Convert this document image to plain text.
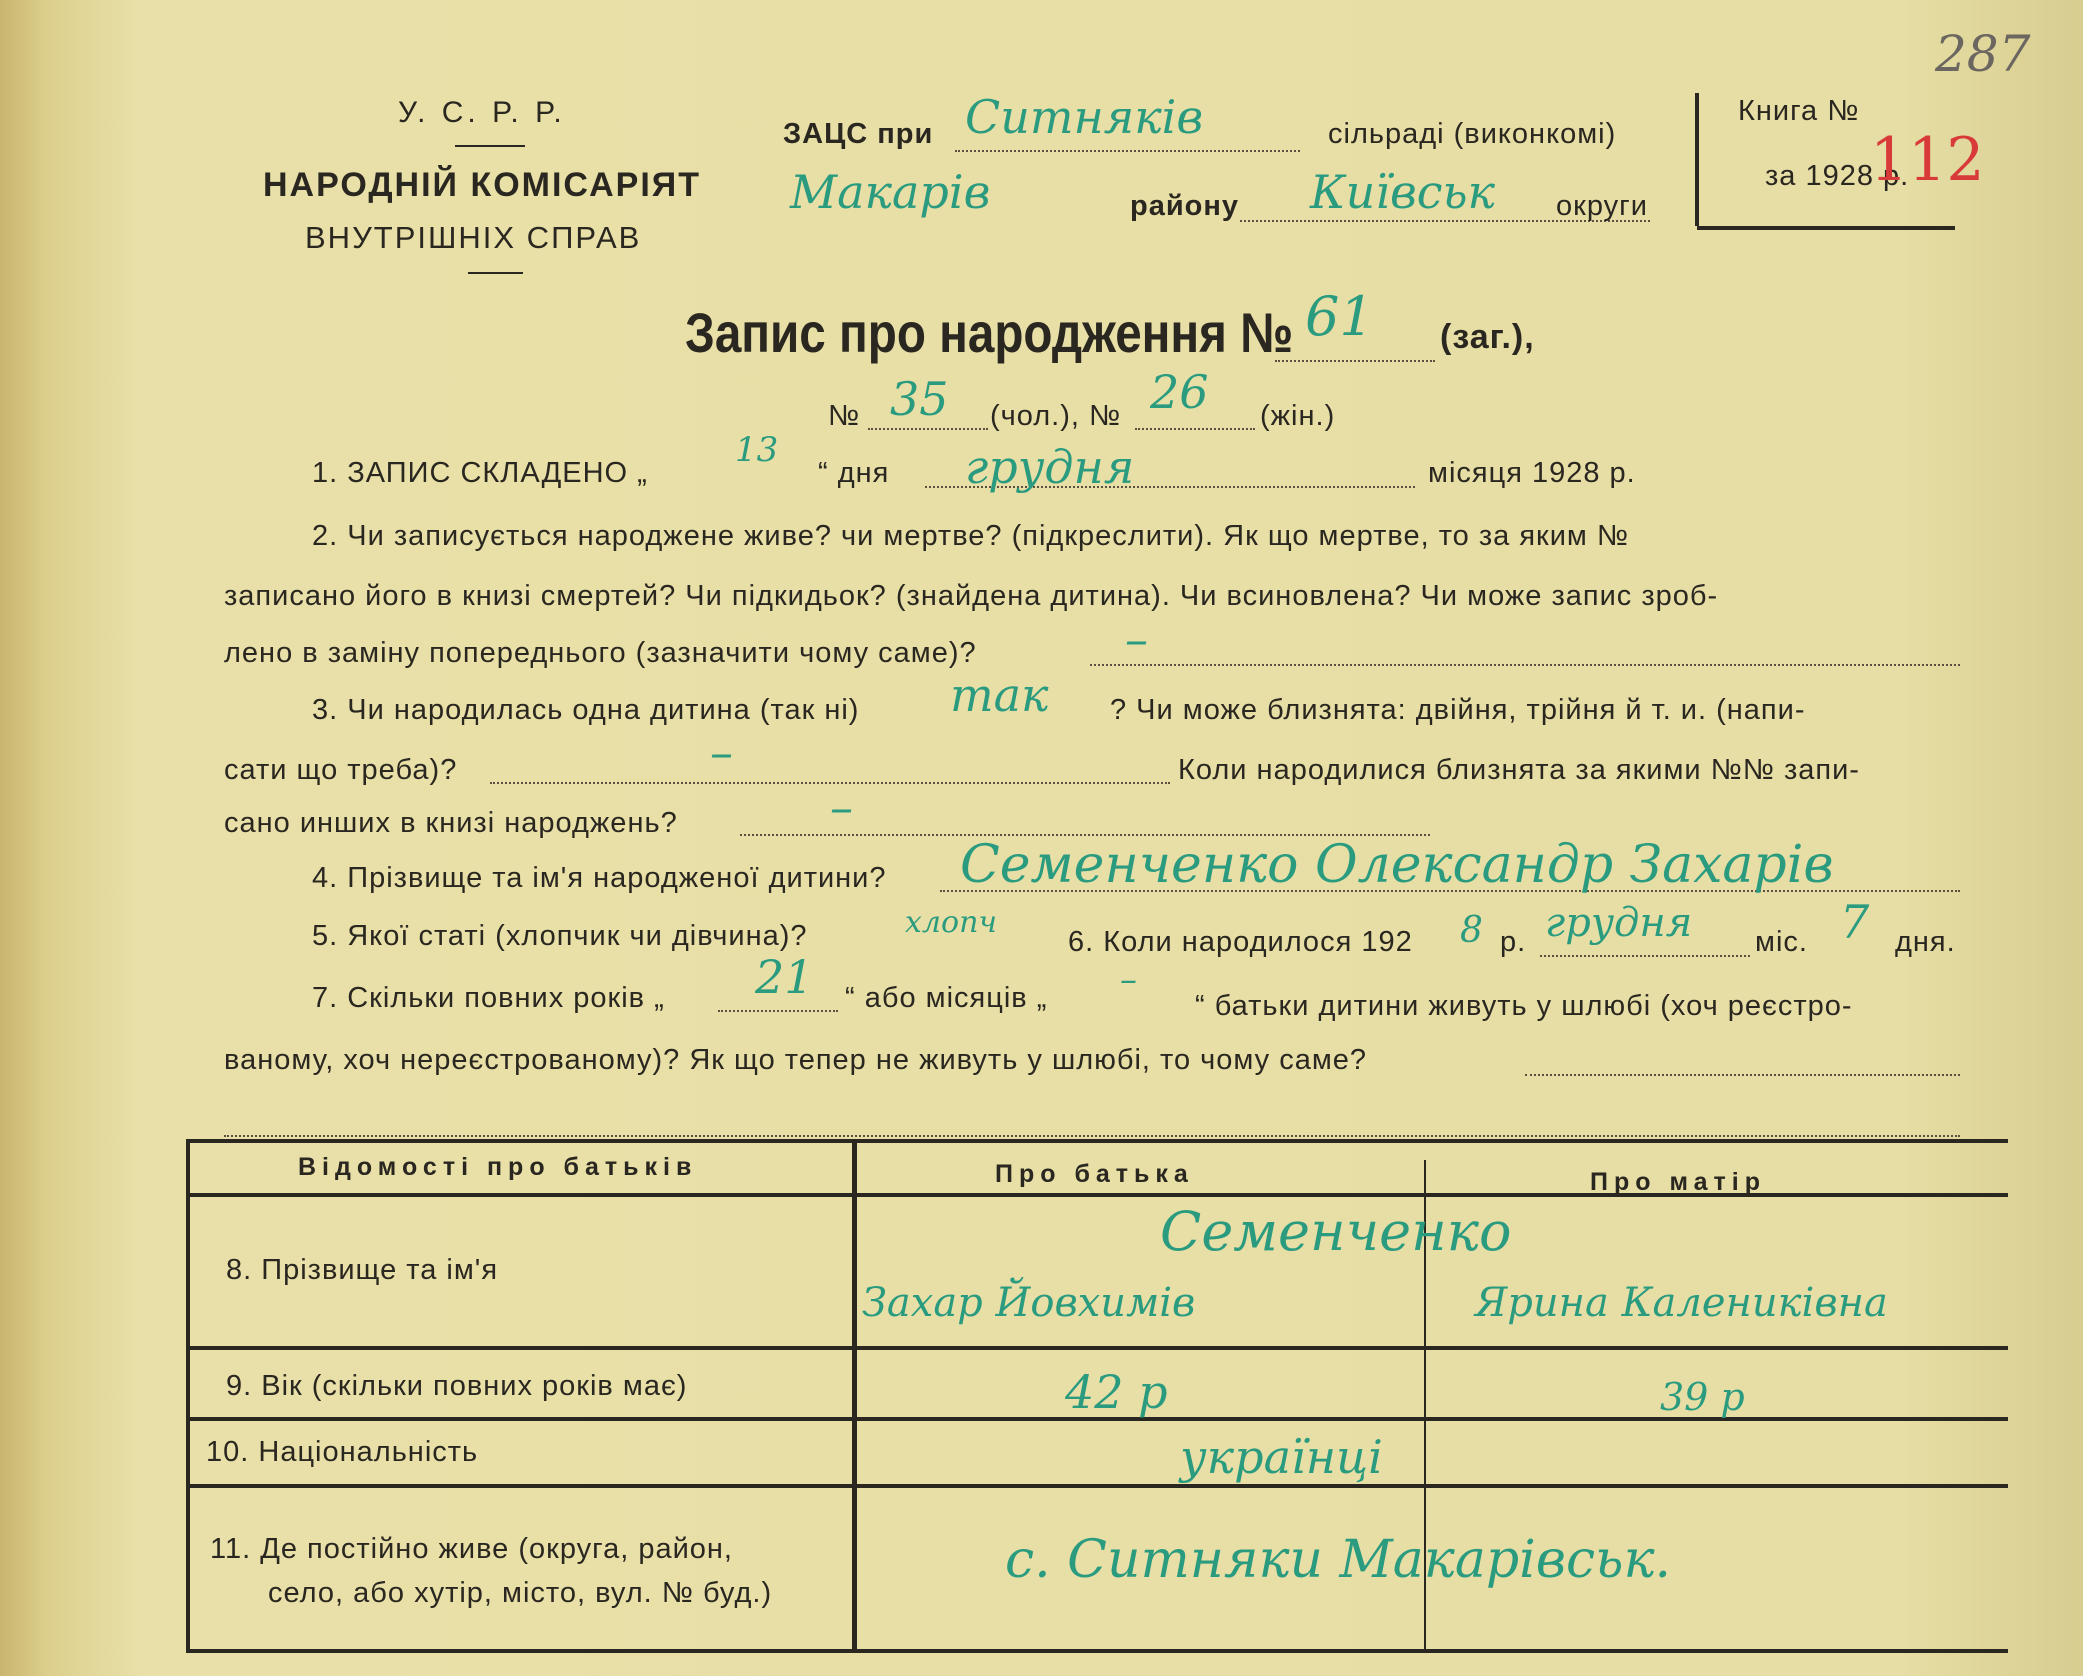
У. С. Р. Р.
НАРОДНІЙ КОМІСАРІЯТ
ВНУТРІШНІХ СПРАВ
ЗАЦС при Ситняків	сільраді (виконкомі)
Макарів	району Київськ округи
Книга №
за 1928 р.
112
287
Запис про народження № 61 (заг.),
№ 35 (чол.), № 26 (жін.)
1. ЗАПИС СКЛАДЕНО „
13
“ дня грудня	місяця 1928 р.
2. Чи записується народжене живе? чи мертве? (підкреслити). Як що мертве, то за яким №
записано його в книзі смертей? Чи підкидьок? (знайдена дитина). Чи всиновлена? Чи може запис зроб-
лено в заміну попереднього (зазначити чому саме)?	–
3. Чи народилась одна дитина (так ні) так ? Чи може близнята: двійня, трійня й т. и. (напи-
сати що треба)?	–	Коли народилися близнята за якими №№ запи-
сано инших в книзі народжень?	–
4. Прізвище та ім'я народженої дитини? Семенченко Олександр Захарів
5. Якої статі (хлопчик чи дівчина)?	хлопч
6. Коли народилося 192 8 р. грудня міс. 7 дня.
7. Скільки повних років „ 21 “ або місяців „ –
“ батьки дитини живуть у шлюбі (хоч реєстро-
ваному, хоч нереєстрованому)? Як що тепер не живуть у шлюбі, то чому саме?
Відомості про батьків	Про батька	Про матір
8. Прізвище та ім'я
Семенченко
Захар Йовхимів	Ярина Калениківна
9. Вік (скільки повних років має)	42 р	39 р
10. Національність	українці
11. Де постійно живе (округа, район,
село, або хутір, місто, вул. № буд.)
с. Ситняки Макарівськ.
